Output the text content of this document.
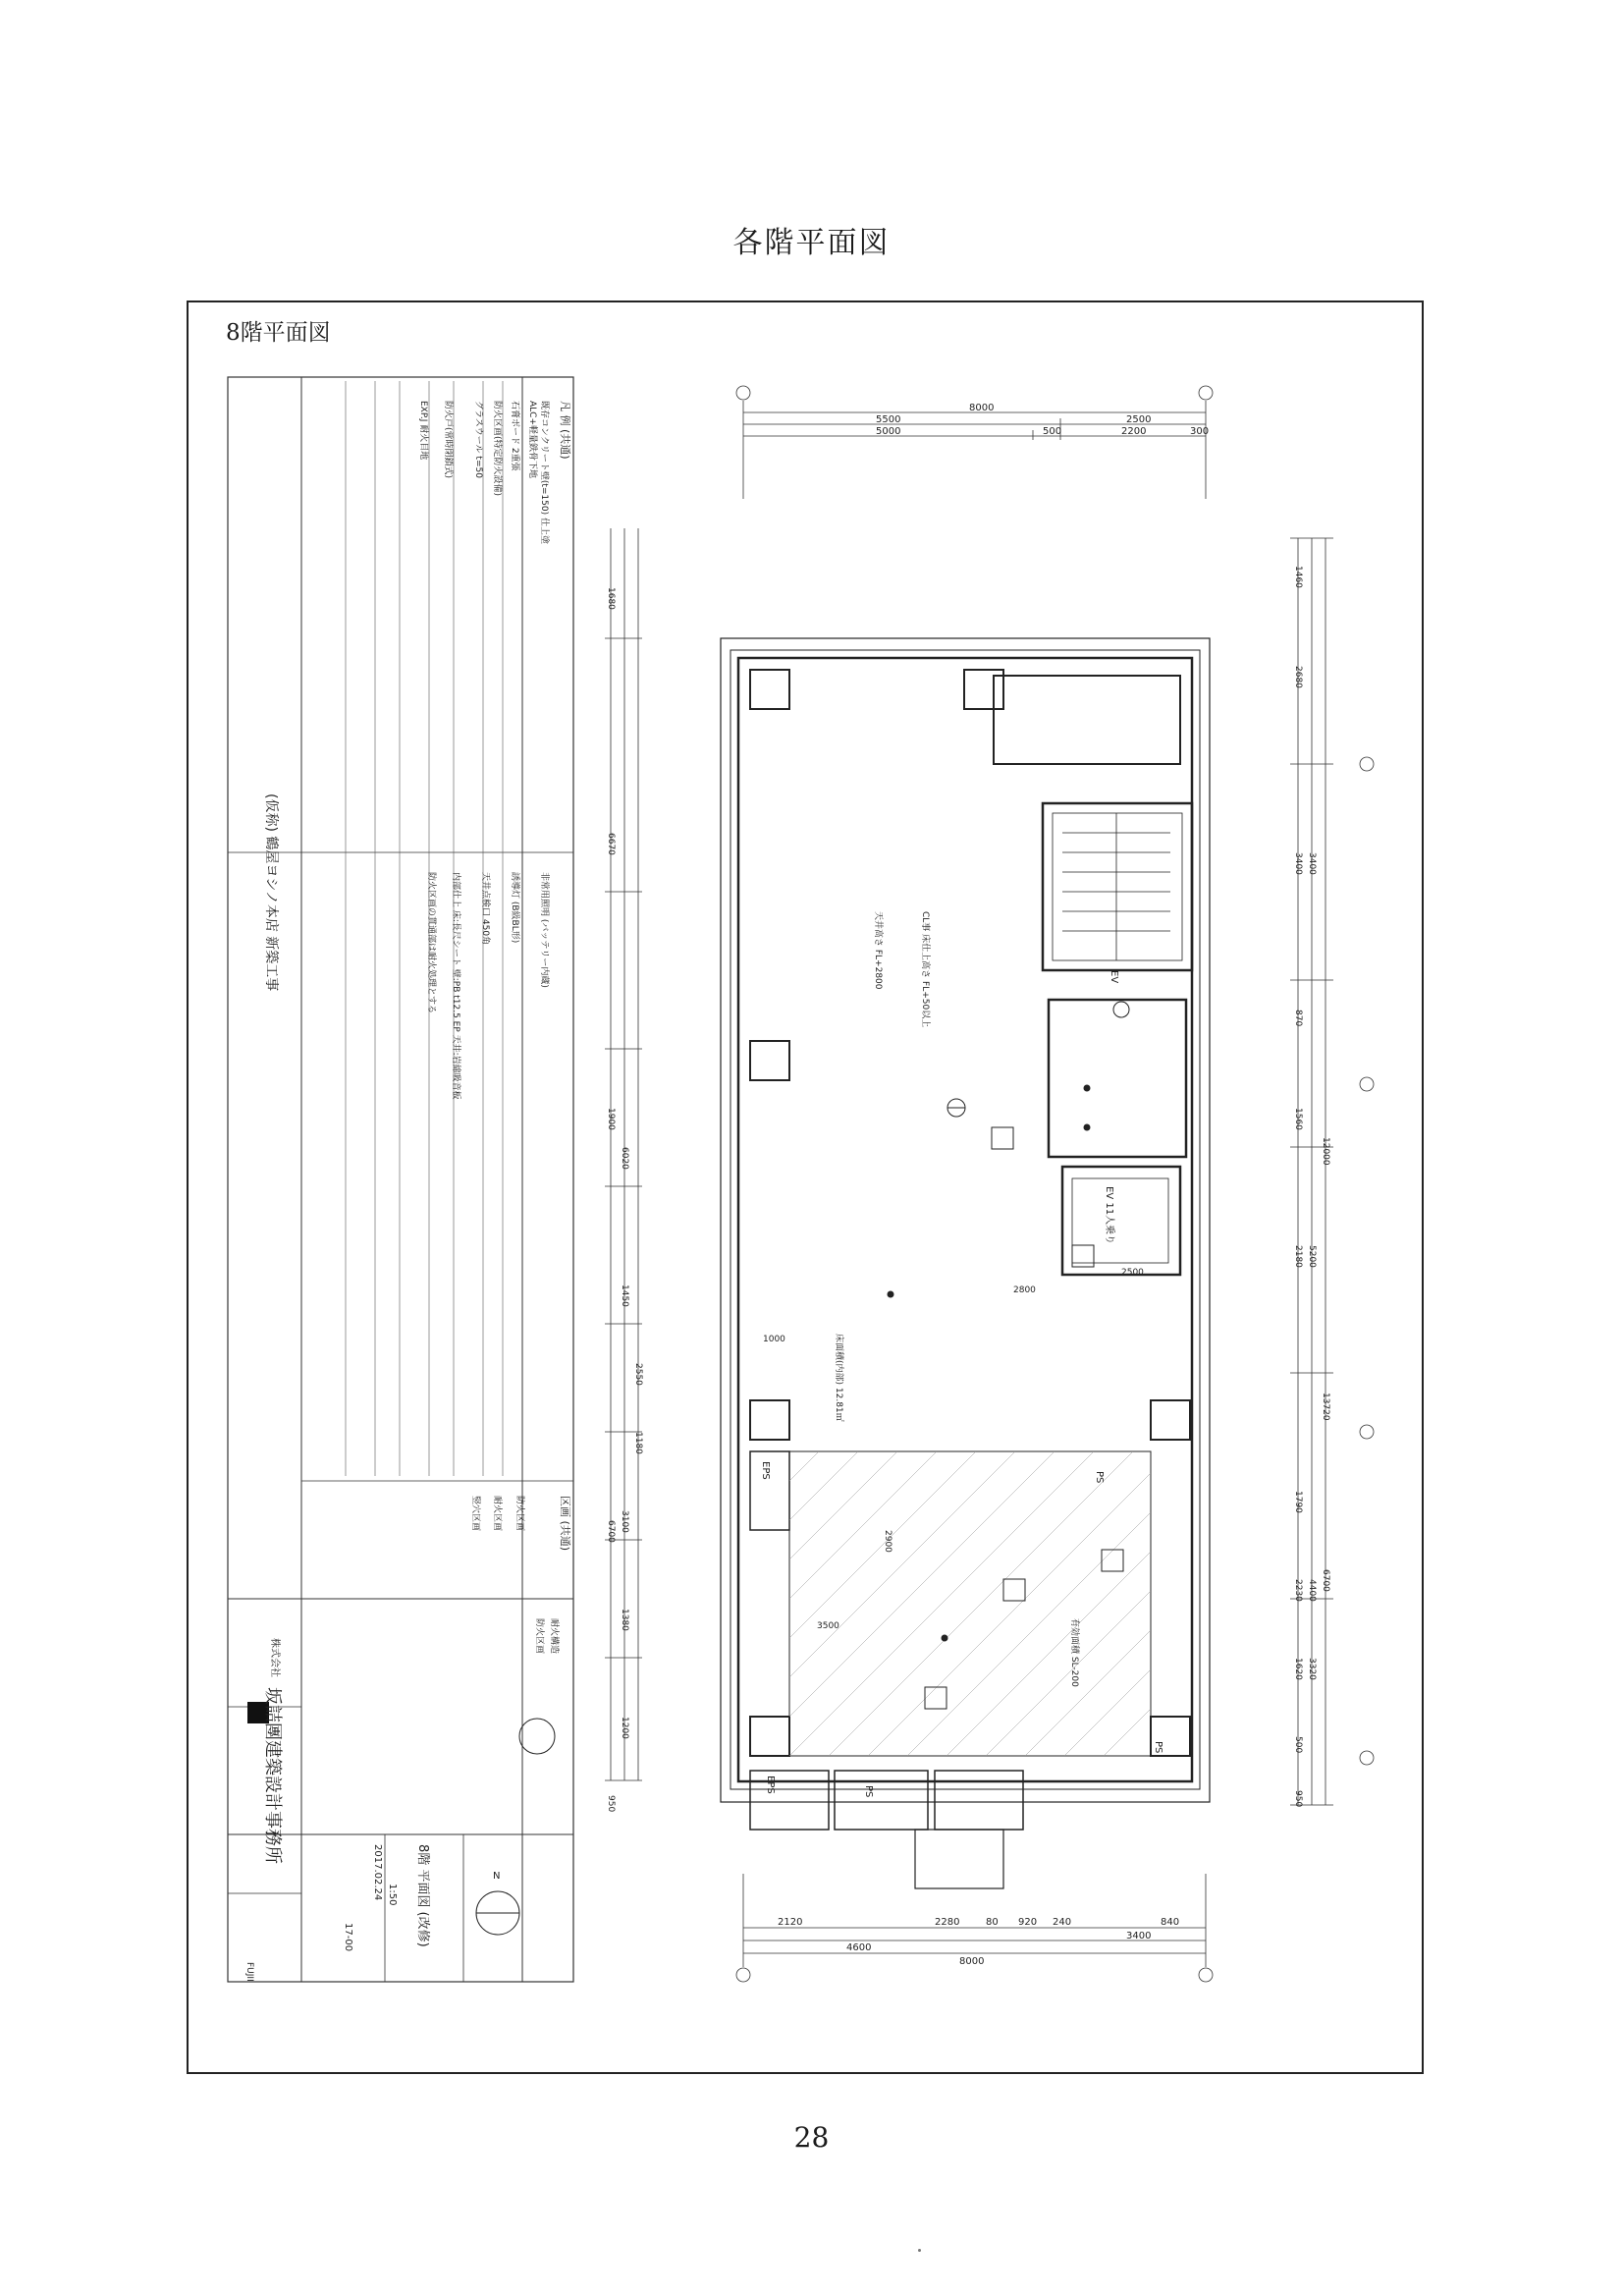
各階平面図
8階平面図
8000
5500	2500
5000	500	2200	300
2120
4600
2280	80 920 240	840
3400
8000
1680
6670
1900
6020
1450
2550
1180
3100
6700
1380
1200
950
1460
2680
3400 3400
870
1560
2180 5200
12000
1790
2230 4400 6700
13720
1620 3320
500
950
EV
EV 11人乗り
PS
EPS
PS
PS
EPS
CL事 床仕上高さ FL+50以上
天井高さ FL+2800
床面積(内部) 12.81㎡
有効面積 SL-200
防火区画 耐火構造
2500
1000
2900
3500
2800
凡 例 (共通)
既存コンクリート壁(t=150) 仕上塗
ALC+軽量鉄骨下地
石膏ボード 2重張
防火区画(特定防火設備)
グラスウール t=50
防火戸(常時閉鎖式)
EXP.J 耐火目地
非常用照明 (バッテリー内蔵)
誘導灯 (B級BL形)
天井点検口 450角
内部仕上 床:長尺シート 壁:PB t12.5 EP 天井:岩綿吸音板
防火区画の貫通部は耐火処理とする
区画 (共通)
防火区画
耐火区画
竪穴区画
(仮称) 鶴屋ヨシノ本店 新築工事
株式会社
坂詰團建築設計事務所
8階 平面図 (改修)
1:50
2017.02.24
17-00
FUJII
N
28
